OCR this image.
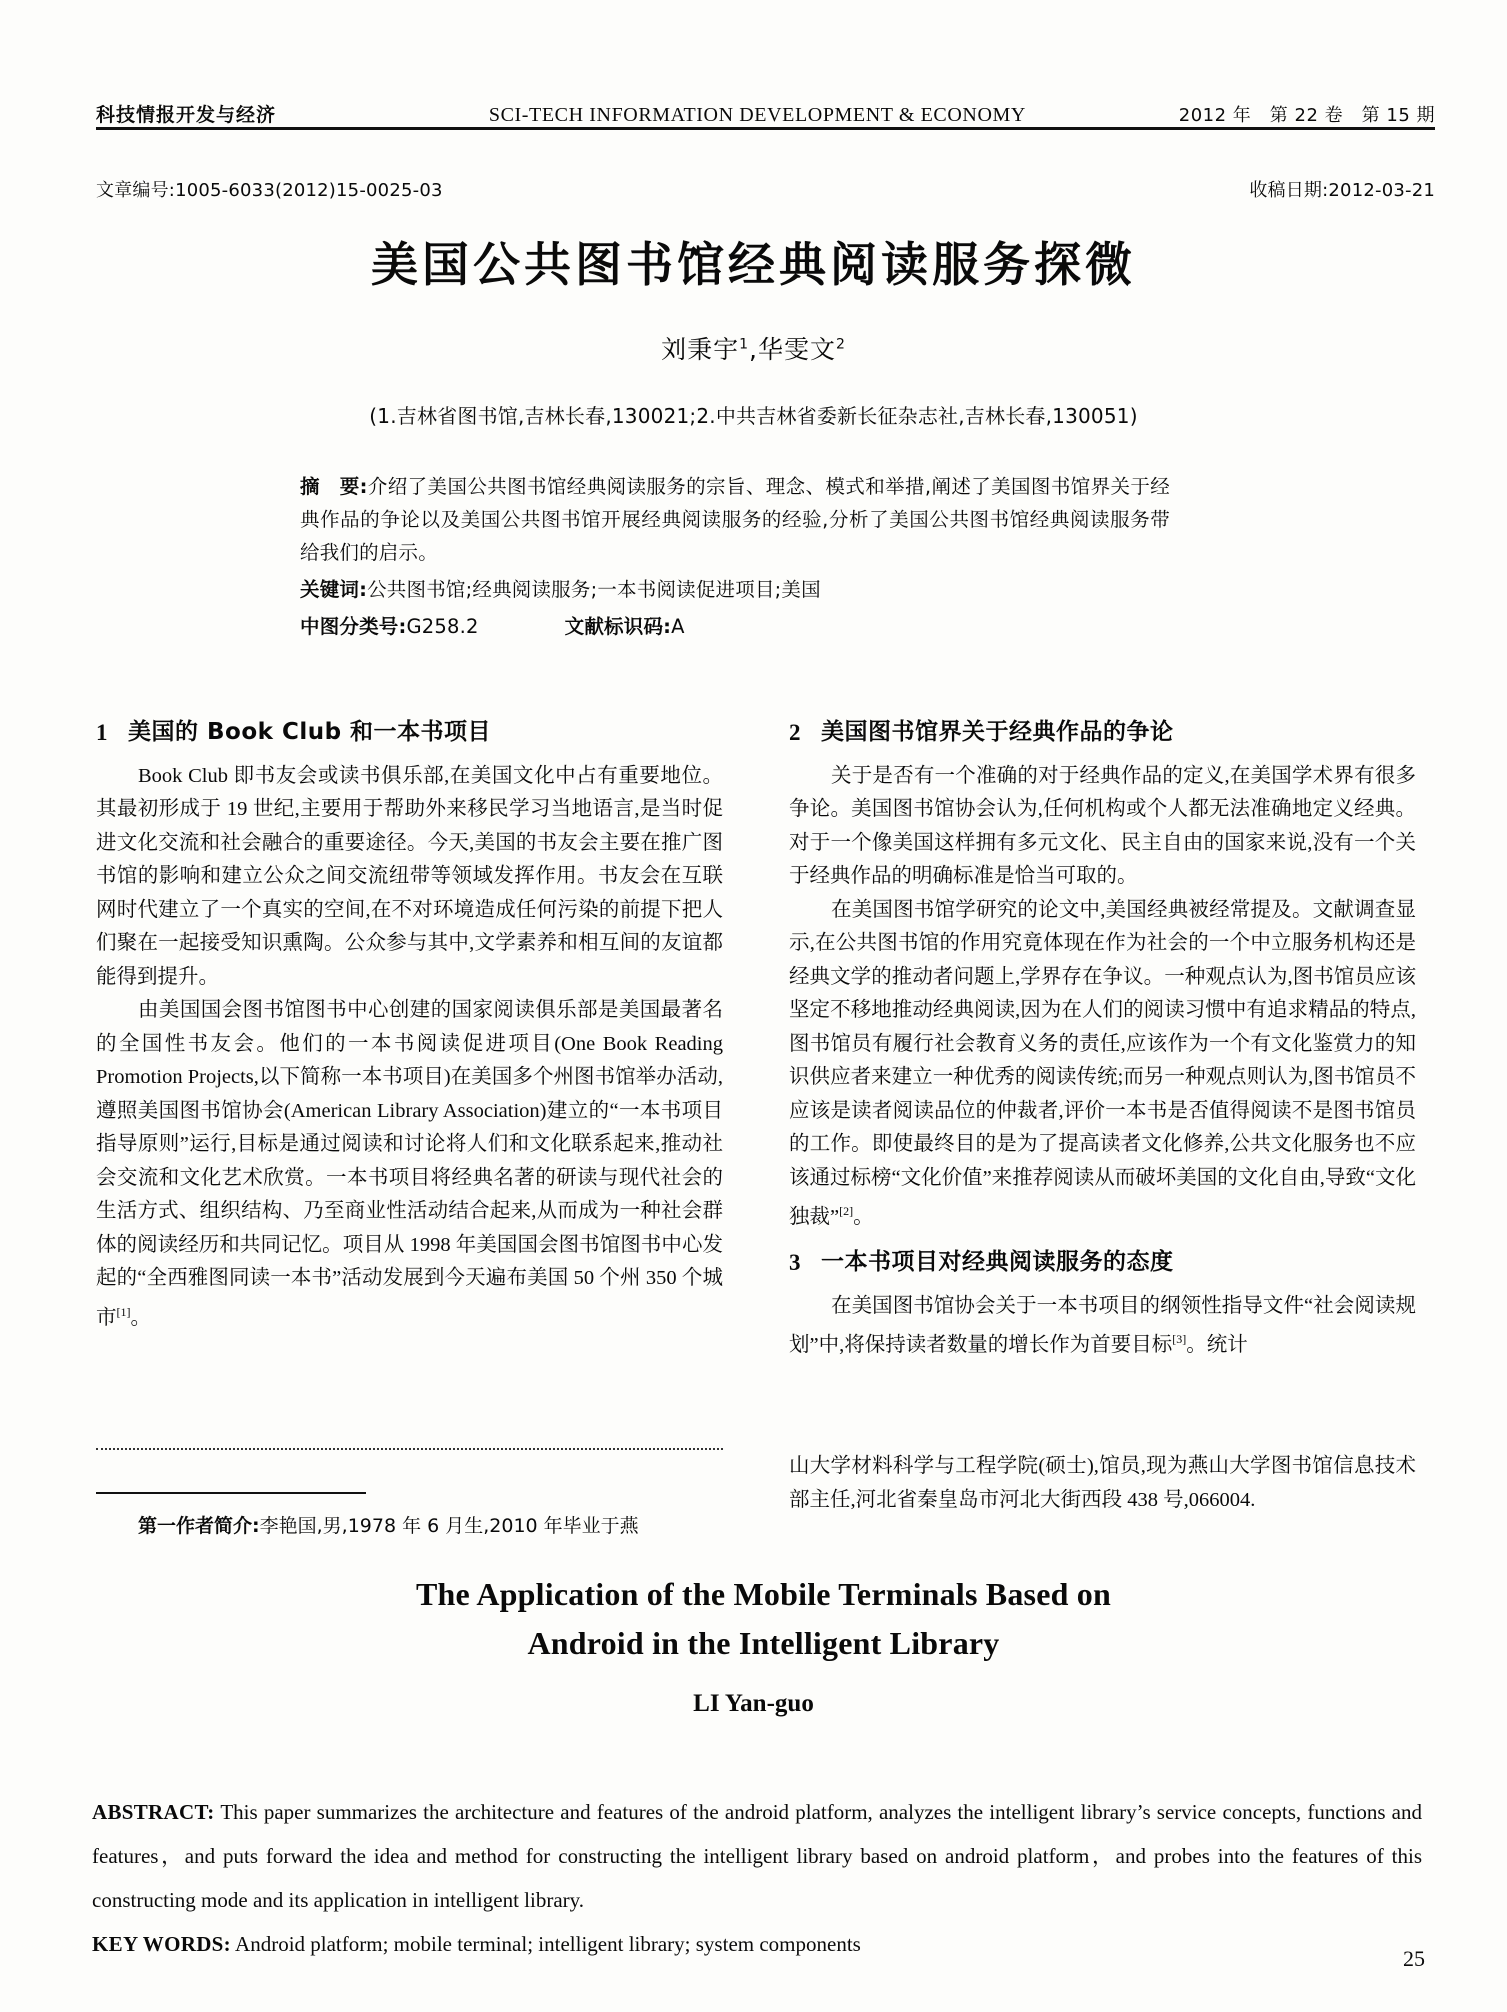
科技情报开发与经济	SCI-TECH INFORMATION DEVELOPMENT & ECONOMY	2012 年　第 22 卷　第 15 期
文章编号:1005-6033(2012)15-0025-03	收稿日期:2012-03-21
美国公共图书馆经典阅读服务探微
刘秉宇$^1$,华雯文$^2$
(1.吉林省图书馆,吉林长春,130021;2.中共吉林省委新长征杂志社,吉林长春,130051)

摘　要:介绍了美国公共图书馆经典阅读服务的宗旨、理念、模式和举措,阐述了美国图书馆界关于经典作品的争论以及美国公共图书馆开展经典阅读服务的经验,分析了美国公共图书馆经典阅读服务带给我们的启示。

关键词:公共图书馆;经典阅读服务;一本书阅读促进项目;美国

中图分类号:G258.2	文献标识码:A

1 美国的 Book Club 和一本书项目

Book Club 即书友会或读书俱乐部,在美国文化中占有重要地位。其最初形成于 19 世纪,主要用于帮助外来移民学习当地语言,是当时促进文化交流和社会融合的重要途径。今天,美国的书友会主要在推广图书馆的影响和建立公众之间交流纽带等领域发挥作用。书友会在互联网时代建立了一个真实的空间,在不对环境造成任何污染的前提下把人们聚在一起接受知识熏陶。公众参与其中,文学素养和相互间的友谊都能得到提升。

由美国国会图书馆图书中心创建的国家阅读俱乐部是美国最著名的全国性书友会。他们的一本书阅读促进项目(One Book Reading Promotion Projects,以下简称一本书项目)在美国多个州图书馆举办活动,遵照美国图书馆协会(American Library Association)建立的“一本书项目指导原则”运行,目标是通过阅读和讨论将人们和文化联系起来,推动社会交流和文化艺术欣赏。一本书项目将经典名著的研读与现代社会的生活方式、组织结构、乃至商业性活动结合起来,从而成为一种社会群体的阅读经历和共同记忆。项目从 1998 年美国国会图书馆图书中心发起的“全西雅图同读一本书”活动发展到今天遍布美国 50 个州 350 个城市[1]。

2 美国图书馆界关于经典作品的争论

关于是否有一个准确的对于经典作品的定义,在美国学术界有很多争论。美国图书馆协会认为,任何机构或个人都无法准确地定义经典。对于一个像美国这样拥有多元文化、民主自由的国家来说,没有一个关于经典作品的明确标准是恰当可取的。

在美国图书馆学研究的论文中,美国经典被经常提及。文献调查显示,在公共图书馆的作用究竟体现在作为社会的一个中立服务机构还是经典文学的推动者问题上,学界存在争议。一种观点认为,图书馆员应该坚定不移地推动经典阅读,因为在人们的阅读习惯中有追求精品的特点,图书馆员有履行社会教育义务的责任,应该作为一个有文化鉴赏力的知识供应者来建立一种优秀的阅读传统;而另一种观点则认为,图书馆员不应该是读者阅读品位的仲裁者,评价一本书是否值得阅读不是图书馆员的工作。即使最终目的是为了提高读者文化修养,公共文化服务也不应该通过标榜“文化价值”来推荐阅读从而破坏美国的文化自由,导致“文化独裁”[2]。

3 一本书项目对经典阅读服务的态度

在美国图书馆协会关于一本书项目的纲领性指导文件“社会阅读规划”中,将保持读者数量的增长作为首要目标[3]。统计

第一作者简介:李艳国,男,1978 年 6 月生,2010 年毕业于燕
山大学材料科学与工程学院(硕士),馆员,现为燕山大学图书馆信息技术部主任,河北省秦皇岛市河北大街西段 438 号,066004.
The Application of the Mobile Terminals Based on
Android in the Intelligent Library
LI Yan-guo

ABSTRACT: This paper summarizes the architecture and features of the android platform, analyzes the intelligent library’s service concepts, functions and features，and puts forward the idea and method for constructing the intelligent library based on android platform，and probes into the features of this constructing mode and its application in intelligent library.

KEY WORDS: Android platform; mobile terminal; intelligent library; system components

25
